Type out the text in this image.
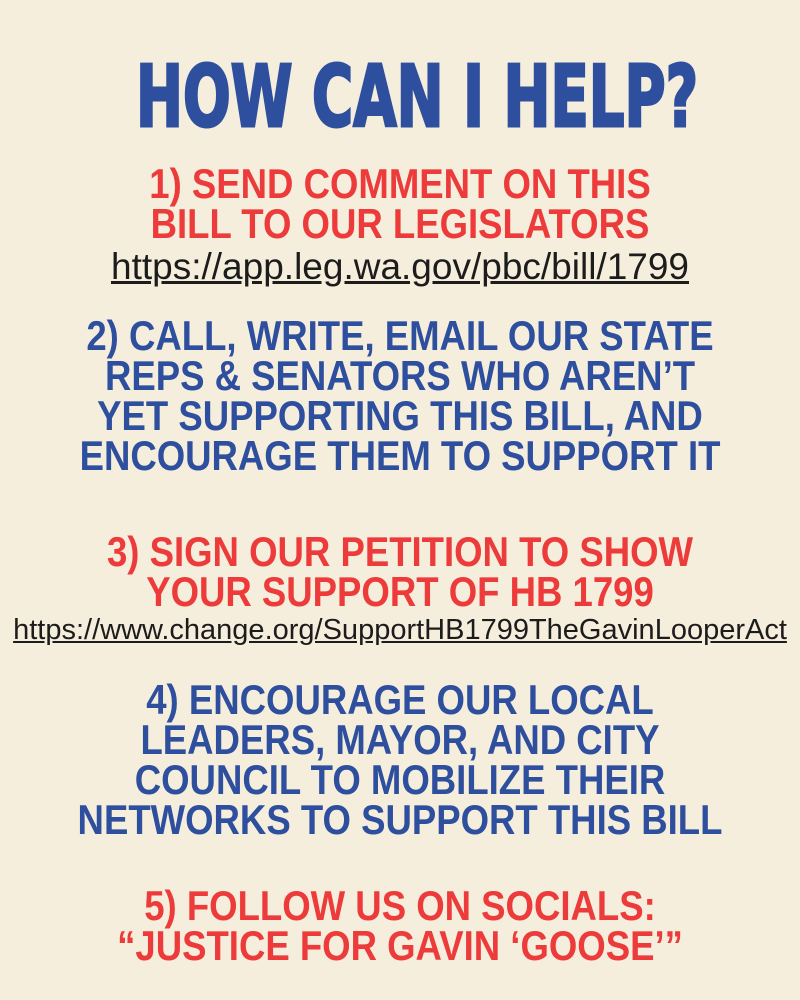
HOW CAN I HELP?
1) SEND COMMENT ON THIS
BILL TO OUR LEGISLATORS
https://app.leg.wa.gov/pbc/bill/1799
2) CALL, WRITE, EMAIL OUR STATE
REPS & SENATORS WHO AREN’T
YET SUPPORTING THIS BILL, AND
ENCOURAGE THEM TO SUPPORT IT
3) SIGN OUR PETITION TO SHOW
YOUR SUPPORT OF HB 1799
https://www.change.org/SupportHB1799TheGavinLooperAct
4) ENCOURAGE OUR LOCAL
LEADERS, MAYOR, AND CITY
COUNCIL TO MOBILIZE THEIR
NETWORKS TO SUPPORT THIS BILL
5) FOLLOW US ON SOCIALS:
“JUSTICE FOR GAVIN ‘GOOSE’”
